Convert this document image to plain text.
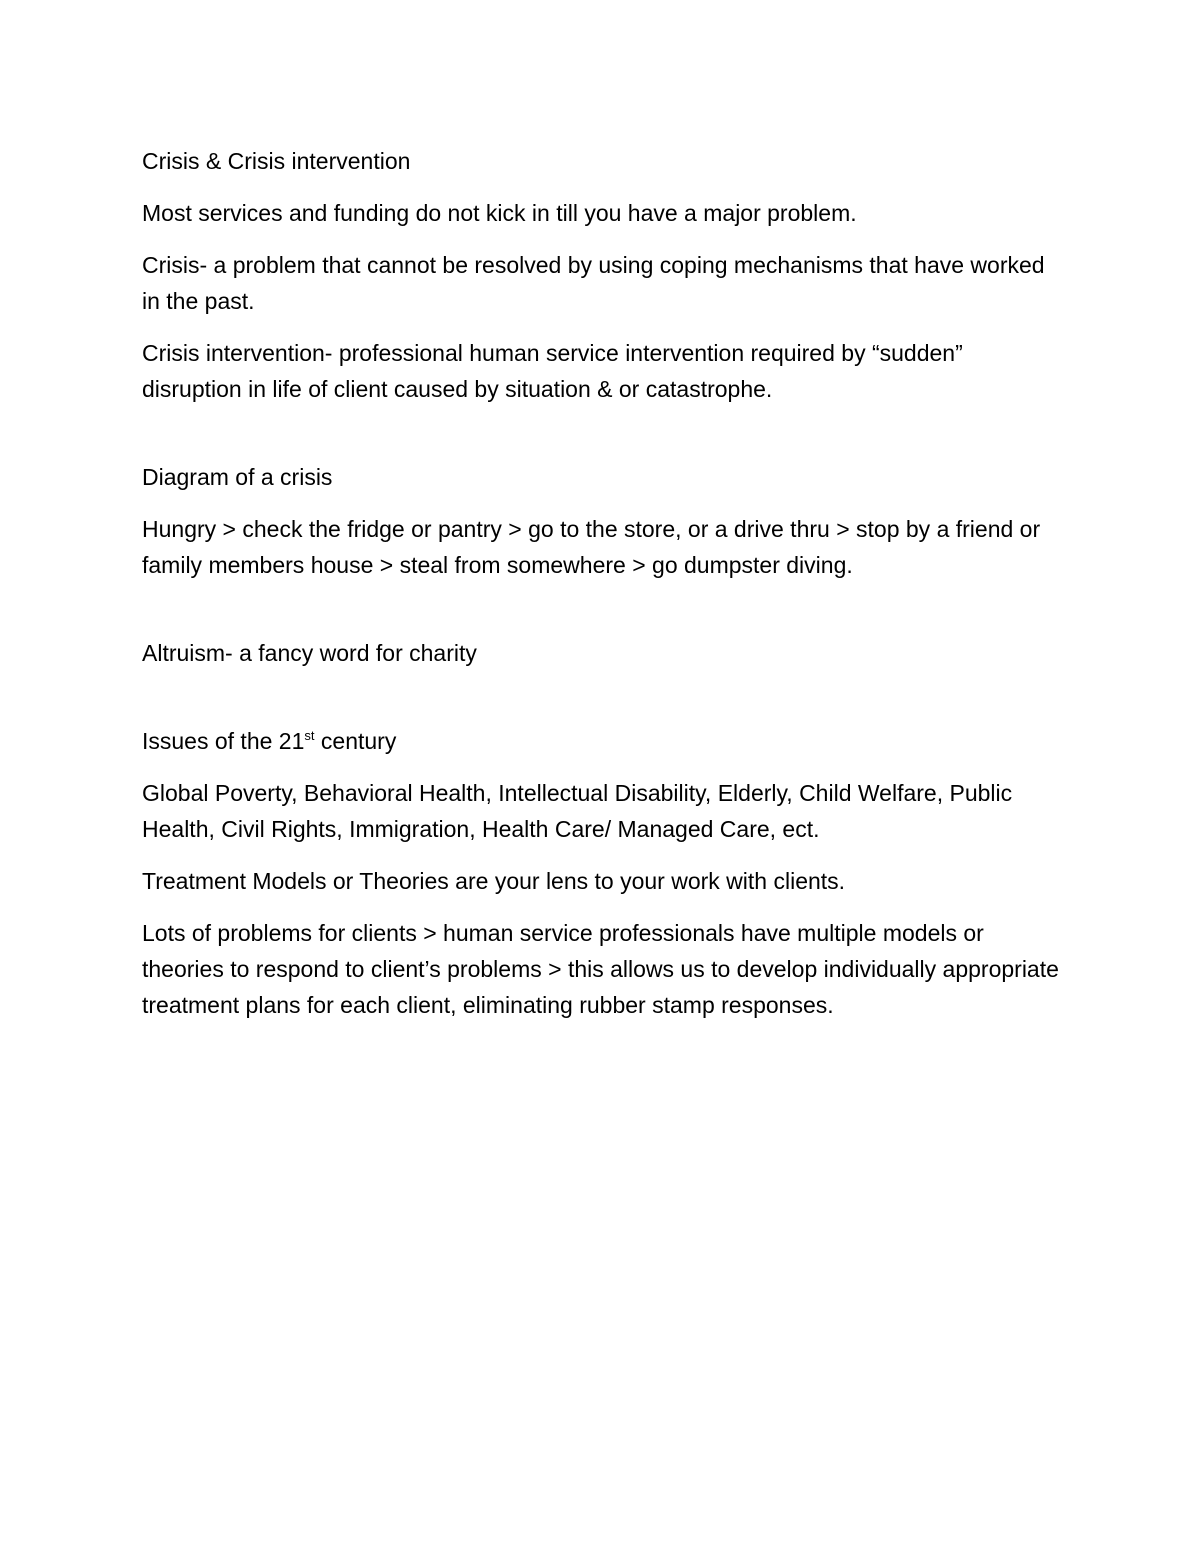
Crisis & Crisis intervention

Most services and funding do not kick in till you have a major problem.

Crisis- a problem that cannot be resolved by using coping mechanisms that have worked in the past.

Crisis intervention- professional human service intervention required by “sudden” disruption in life of client caused by situation & or catastrophe.

Diagram of a crisis

Hungry > check the fridge or pantry > go to the store, or a drive thru > stop by a friend or family members house > steal from somewhere > go dumpster diving.

Altruism- a fancy word for charity

Issues of the 21st century

Global Poverty, Behavioral Health, Intellectual Disability, Elderly, Child Welfare, Public Health, Civil Rights, Immigration, Health Care/ Managed Care, ect.

Treatment Models or Theories are your lens to your work with clients.

Lots of problems for clients > human service professionals have multiple models or theories to respond to client’s problems > this allows us to develop individually appropriate treatment plans for each client, eliminating rubber stamp responses.
